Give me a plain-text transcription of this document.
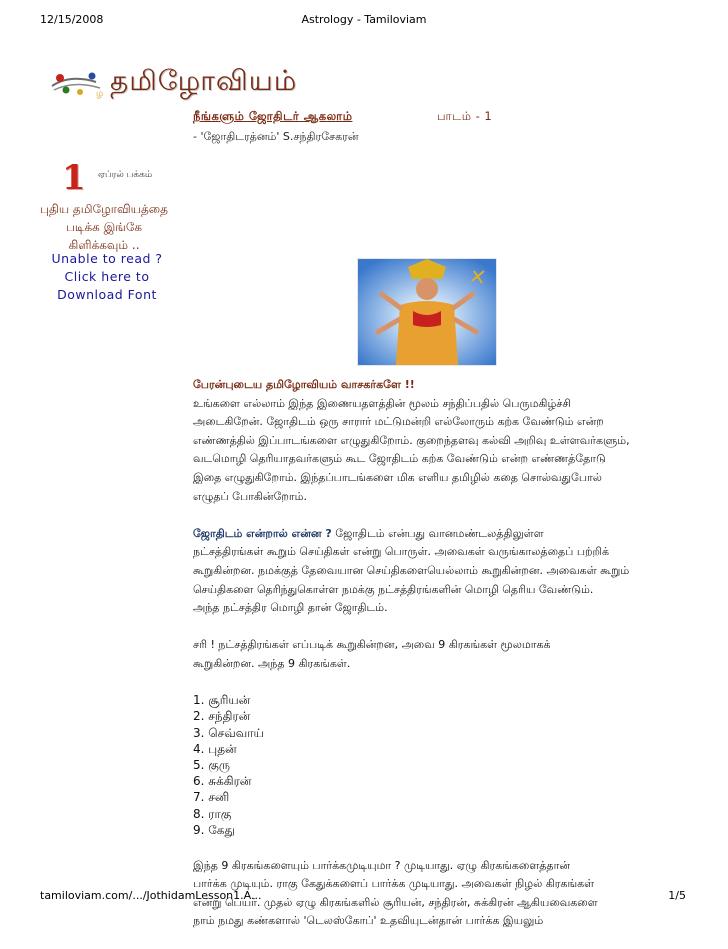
12/15/2008	Astrology - Tamiloviam
ழ தமிழோவியம்
1 ஏப்ரல் பக்கம்
புதிய தமிழோவியத்தை
படிக்க இங்கே
கிளிக்கவும் ..
Unable to read ?
Click here to
Download Font
நீங்களும் ஜோதிடர் ஆகலாம்	பாடம் - 1
- 'ஜோதிடரத்னம்' S.சந்திரசேகரன்
பேரன்புடைய தமிழோவியம் வாசகர்களே !!

உங்களை எல்லாம் இந்த இணையதளத்தின் மூலம் சந்திப்பதில் பெருமகிழ்ச்சி
அடைகிறேன். ஜோதிடம் ஒரு சாரார் மட்டுமன்றி எல்லோரும் கற்க வேண்டும் என்ற
எண்ணத்தில் இப்பாடங்களை எழுதுகிறோம். குறைந்தளவு கல்வி அறிவு உள்ளவர்களும்,
வடமொழி தெரியாதவர்களும் கூட ஜோதிடம் கற்க வேண்டும் என்ற எண்ணத்தோடு
இதை எழுதுகிறோம். இந்தப்பாடங்களை மிக எளிய தமிழில் கதை சொல்வதுபோல்
எழுதப் போகின்றோம்.

ஜோதிடம் என்றால் என்ன ? ஜோதிடம் என்பது வானமண்டலத்திலுள்ள
நட்சத்திரங்கள் கூறும் செய்திகள் என்று பொருள். அவைகள் வருங்காலத்தைப் பற்றிக்
கூறுகின்றன. நமக்குத் தேவையான செய்திகளையெல்லாம் கூறுகின்றன. அவைகள் கூறும்
செய்திகளை தெரிந்துகொள்ள நமக்கு நட்சத்திரங்களின் மொழி தெரிய வேண்டும்.
அந்த நட்சத்திர மொழி தான் ஜோதிடம்.

சரி ! நட்சத்திரங்கள் எப்படிக் கூறுகின்றன, அவை 9 கிரகங்கள் மூலமாகக்
கூறுகின்றன. அந்த 9 கிரகங்கள்.

1. சூரியன்
2. சந்திரன்
3. செவ்வாய்
4. புதன்
5. குரு
6. சுக்கிரன்
7. சனி
8. ராகு
9. கேது

இந்த 9 கிரகங்களையும் பார்க்கமுடியுமா ? முடியாது. ஏழு கிரகங்களைத்தான்
பார்க்க முடியும். ராகு கேதுக்களைப் பார்க்க முடியாது. அவைகள் நிழல் கிரகங்கள்
என்று பெயர். முதல் ஏழு கிரகங்களில் சூரியன், சந்திரன், சுக்கிரன் ஆகியவைகளை
நாம் நமது கண்களால் 'டெலஸ்கோப்' உதவியுடன்தான் பார்க்க இயலும்

tamiloviam.com/.../JothidamLesson1.A...	1/5
